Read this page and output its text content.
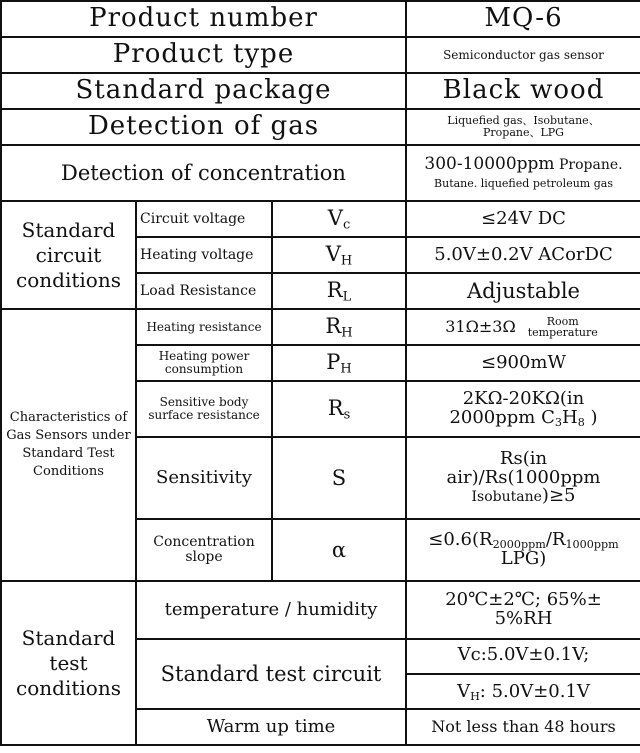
Product number			MQ-6
Product type			Semiconductor gas sensor
Standard package			Black wood
Detection of gas			Liquefied gas、Isobutane、
Propane、LPG

Detection of concentration			300-10000ppm Propane.
Butane. liquefied petroleum gas

Standard circuit conditions	Circuit voltage	$V_c$	≤24V DC
	Heating voltage	$V_H$	5.0V±0.2V ACorDC
	Load Resistance	$R_L$	Adjustable
Characteristics of Gas Sensors under Standard Test Conditions	Heating resistance	$R_H$	31Ω±3Ω Room temperature

	Heating power consumption	$P_H$	≤900mW
	Sensitive body surface resistance	$R_s$	2KΩ-20KΩ(in
2000ppm $C_3H_8$ )

	Sensitivity	S	Rs(in
air)/Rs(1000ppm
Isobutane)≥5

	Concentration slope	α	$\le 0.6(R_{2000ppm}/R_{1000ppm}$
LPG)

Standard test conditions	temperature / humidity		20℃±2℃; 65%±
5%RH

	Standard test circuit		Vc:5.0V±0.1V;
$V_H$: 5.0V±0.1V

	Warm up time		Not less than 48 hours
